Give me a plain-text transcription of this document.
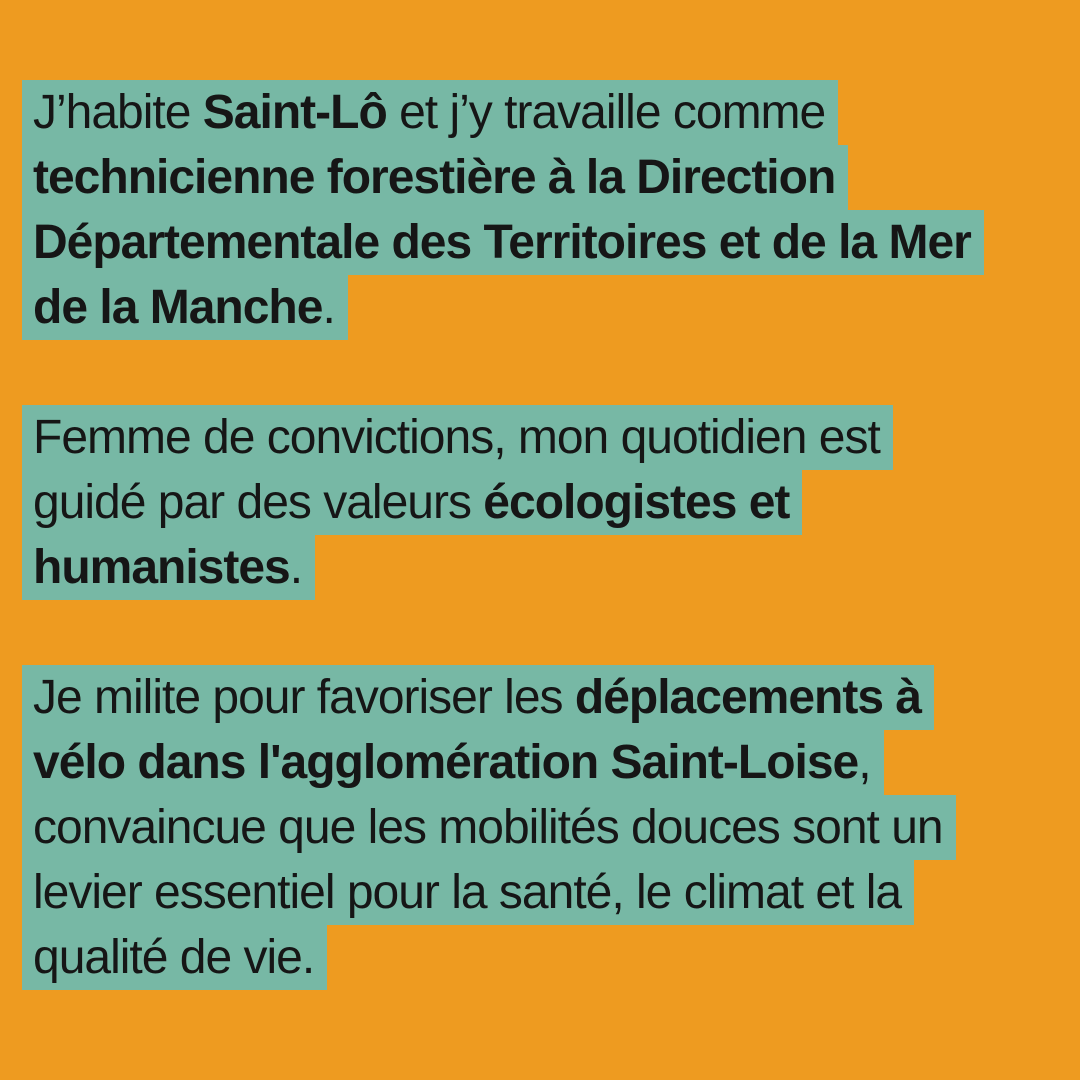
J’habite Saint-Lô et j’y travaille comme
technicienne forestière à la Direction
Départementale des Territoires et de la Mer
de la Manche.
Femme de convictions, mon quotidien est
guidé par des valeurs écologistes et
humanistes.
Je milite pour favoriser les déplacements à
vélo dans l'agglomération Saint-Loise,
convaincue que les mobilités douces sont un
levier essentiel pour la santé, le climat et la
qualité de vie.
